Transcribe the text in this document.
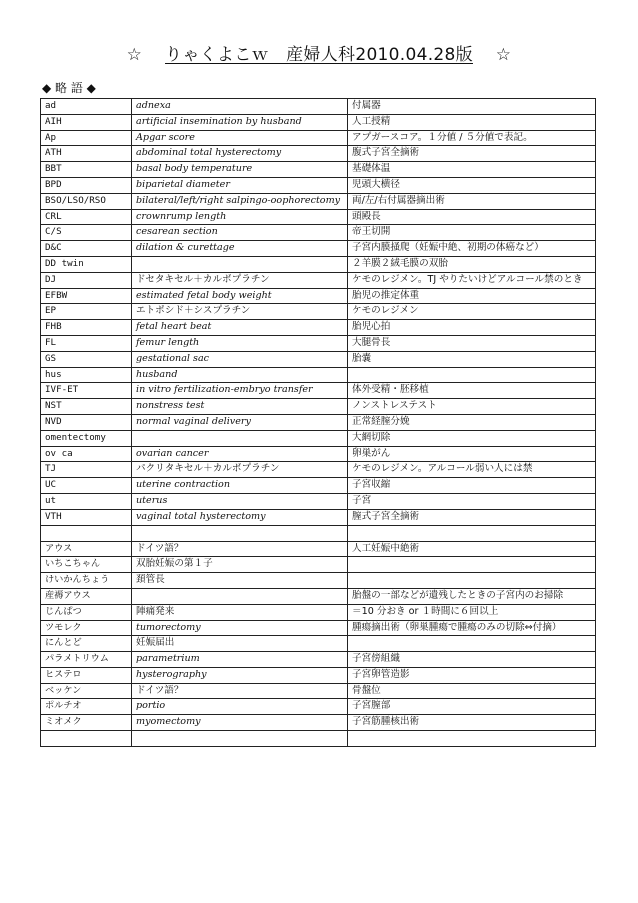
☆ りゃくよこｗ　産婦人科2010.04.28版 ☆
◆ 略 語 ◆
ad	adnexa	付属器
AIH	artificial insemination by husband	人工授精
Ap	Apgar score	アプガースコア。１分値 / ５分値で表記。
ATH	abdominal total hysterectomy	腹式子宮全摘術
BBT	basal body temperature	基礎体温
BPD	biparietal diameter	児頭大横径
BSO/LSO/RSO	bilateral/left/right salpingo-oophorectomy	両/左/右付属器摘出術
CRL	crownrump length	頭殿長
C/S	cesarean section	帝王切開
D&C	dilation & curettage	子宮内膜掻爬（妊娠中絶、初期の体癌など）
DD twin		２羊膜２絨毛膜の双胎
DJ	ドセタキセル＋カルボプラチン	ケモのレジメン。TJ やりたいけどアルコール禁のとき
EFBW	estimated fetal body weight	胎児の推定体重
EP	エトポシド＋シスプラチン	ケモのレジメン
FHB	fetal heart beat	胎児心拍
FL	femur length	大腿骨長
GS	gestational sac	胎嚢
hus	husband	
IVF-ET	in vitro fertilization-embryo transfer	体外受精・胚移植
NST	nonstress test	ノンストレステスト
NVD	normal vaginal delivery	正常経膣分娩
omentectomy		大網切除
ov ca	ovarian cancer	卵巣がん
TJ	パクリタキセル＋カルボプラチン	ケモのレジメン。アルコール弱い人には禁
UC	uterine contraction	子宮収縮
ut	uterus	子宮
VTH	vaginal total hysterectomy	膣式子宮全摘術

アウス	ドイツ語？	人工妊娠中絶術
いちこちゃん	双胎妊娠の第１子	
けいかんちょう	頚管長	
産褥アウス		胎盤の一部などが遺残したときの子宮内のお掃除
じんぱつ	陣痛発来	＝10 分おき or １時間に６回以上
ツモレク	tumorectomy	腫瘍摘出術（卵巣腫瘍で腫瘍のみの切除⇔付摘）
にんとど	妊娠届出	
パラメトリウム	parametrium	子宮傍組織
ヒステロ	hysterography	子宮卵管造影
ベッケン	ドイツ語？	骨盤位
ポルチオ	portio	子宮膣部
ミオメク	myomectomy	子宮筋腫核出術
